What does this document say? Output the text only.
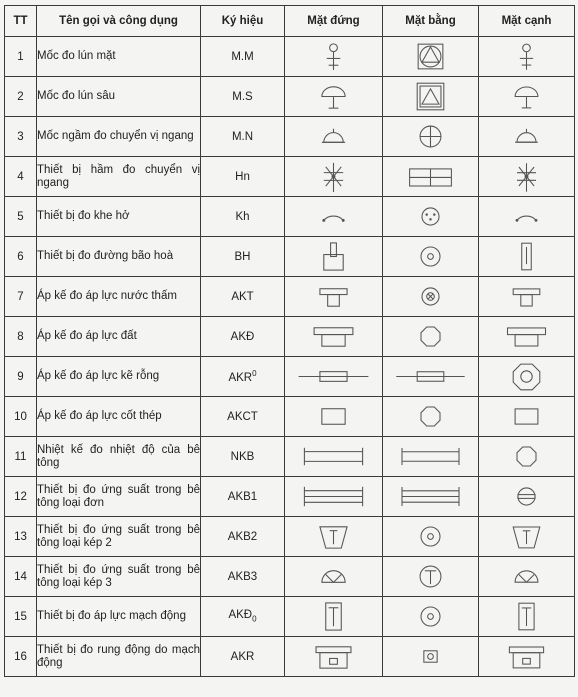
TT	Tên gọi và công dụng	Ký hiệu	Mặt đứng	Mặt bằng	Mặt cạnh
1	Mốc đo lún mặt	M.M	

2	Mốc đo lún sâu	M.S	

3	Mốc ngầm đo chuyển vị ngang	M.N	

4	Thiết bị hầm đo chuyển vị ngang	Hn	

5	Thiết bị đo khe hở	Kh	

6	Thiết bị đo đường bão hoà	BH	

7	Áp kế đo áp lực nước thấm	AKT	

8	Áp kế đo áp lực đất	AKĐ	

9	Áp kế đo áp lực kẽ rỗng	AKR$^0$	

10	Áp kế đo áp lực cốt thép	AKCT	

11	Nhiệt kế đo nhiệt độ của bê tông	NKB	

12	Thiết bị đo ứng suất trong bê tông loại đơn	AKB1	

13	Thiết bị đo ứng suất trong bê tông loại kép 2	AKB2	

14	Thiết bị đo ứng suất trong bê tông loại kép 3	AKB3	

15	Thiết bị đo áp lực mạch động	$AKĐ_0$	

16	Thiết bị đo rung động do mạch động	AKR	
